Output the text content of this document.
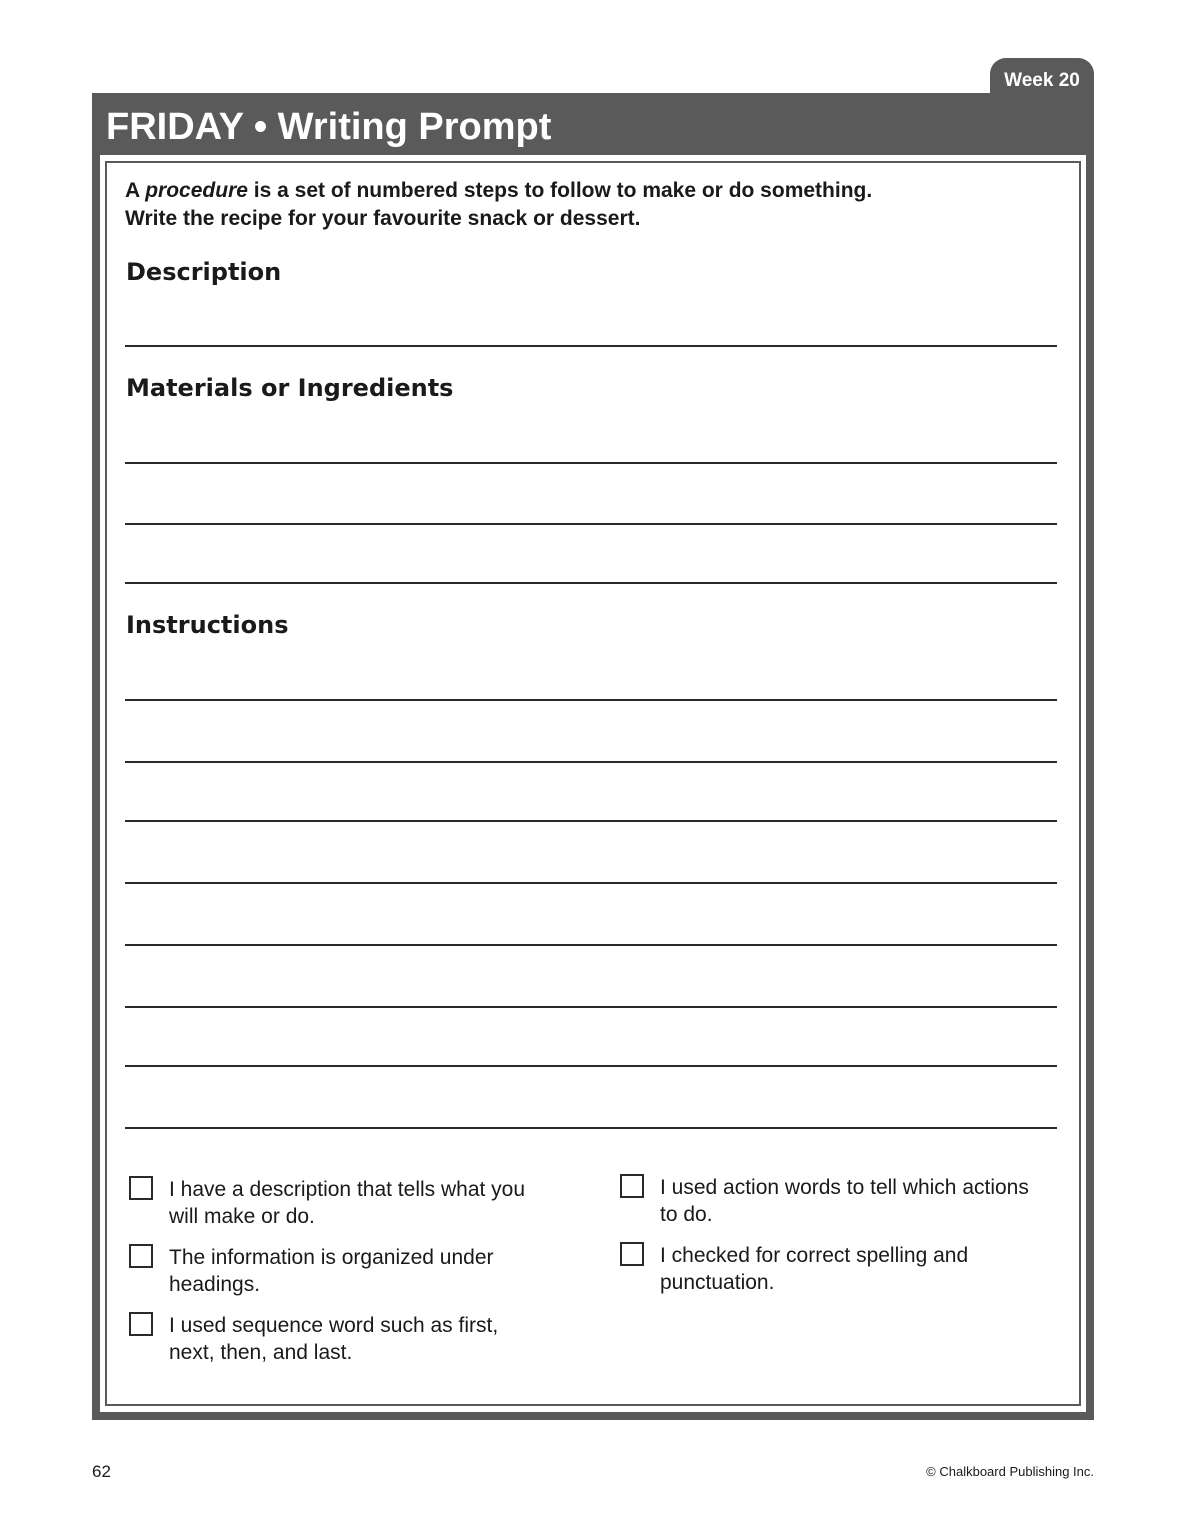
Week 20
FRIDAY • Writing Prompt
A procedure is a set of numbered steps to follow to make or do something.
Write the recipe for your favourite snack or dessert.
Description
Materials or Ingredients
Instructions
I have a description that tells what you will make or do.
The information is organized under headings.
I used sequence word such as first, next, then, and last.
I used action words to tell which actions to do.
I checked for correct spelling and punctuation.
62	© Chalkboard Publishing Inc.
